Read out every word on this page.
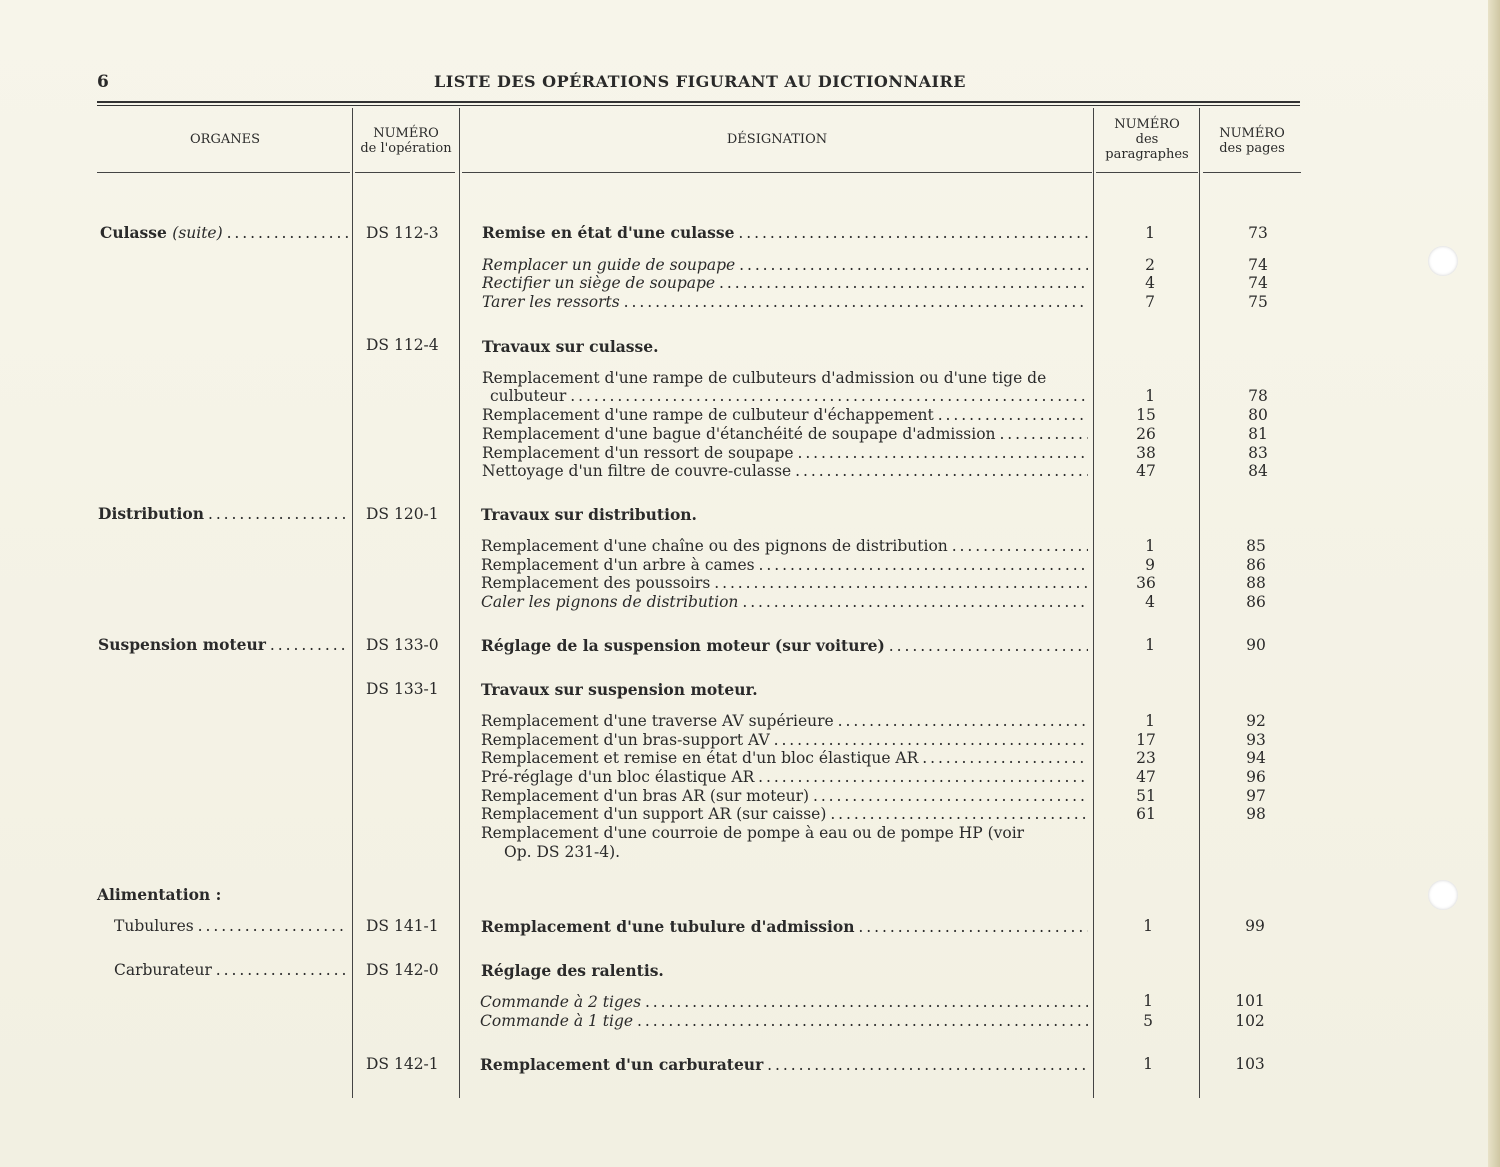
6	LISTE DES OPÉRATIONS FIGURANT AU DICTIONNAIRE
ORGANES	NUMÉRO
de l'opération
DÉSIGNATION
NUMÉRO
des
paragraphes
NUMÉRO
des pages
Culasse (suite) . . .
Distribution . . .
Suspension moteur . . .
Alimentation :
Tubulures . . .
Carburateur . . .
DS 112-3
DS 112-4
DS 120-1
DS 133-0
DS 133-1
DS 141-1
DS 142-0
DS 142-1
Remise en état d'une culasse . . .
Remplacer un guide de soupape . . .
Rectifier un siège de soupape . . .
Tarer les ressorts . . .
Travaux sur culasse.
Remplacement d'une rampe de culbuteurs d'admission ou d'une tige de
culbuteur . . .
Remplacement d'une rampe de culbuteur d'échappement . . .
Remplacement d'une bague d'étanchéité de soupape d'admission . . .
Remplacement d'un ressort de soupape . . .
Nettoyage d'un filtre de couvre-culasse . . .
Travaux sur distribution.
Remplacement d'une chaîne ou des pignons de distribution . . .
Remplacement d'un arbre à cames . . .
Remplacement des poussoirs . . .
Caler les pignons de distribution . . .
Réglage de la suspension moteur (sur voiture) . . .
Travaux sur suspension moteur.
Remplacement d'une traverse AV supérieure . . .
Remplacement d'un bras-support AV . . .
Remplacement et remise en état d'un bloc élastique AR . . .
Pré-réglage d'un bloc élastique AR . . .
Remplacement d'un bras AR (sur moteur) . . .
Remplacement d'un support AR (sur caisse) . . .
Remplacement d'une courroie de pompe à eau ou de pompe HP (voir
Op. DS 231-4).
Remplacement d'une tubulure d'admission . . .
Réglage des ralentis.
Commande à 2 tiges . . .
Commande à 1 tige . . .
Remplacement d'un carburateur . . .
1
2
4
7
1
15
26
38
47
1
9
36
4
1
1
17
23
47
51
61
1
1
5
1
73
74
74
75
78
80
81
83
84
85
86
88
86
90
92
93
94
96
97
98
99
101
102
103
